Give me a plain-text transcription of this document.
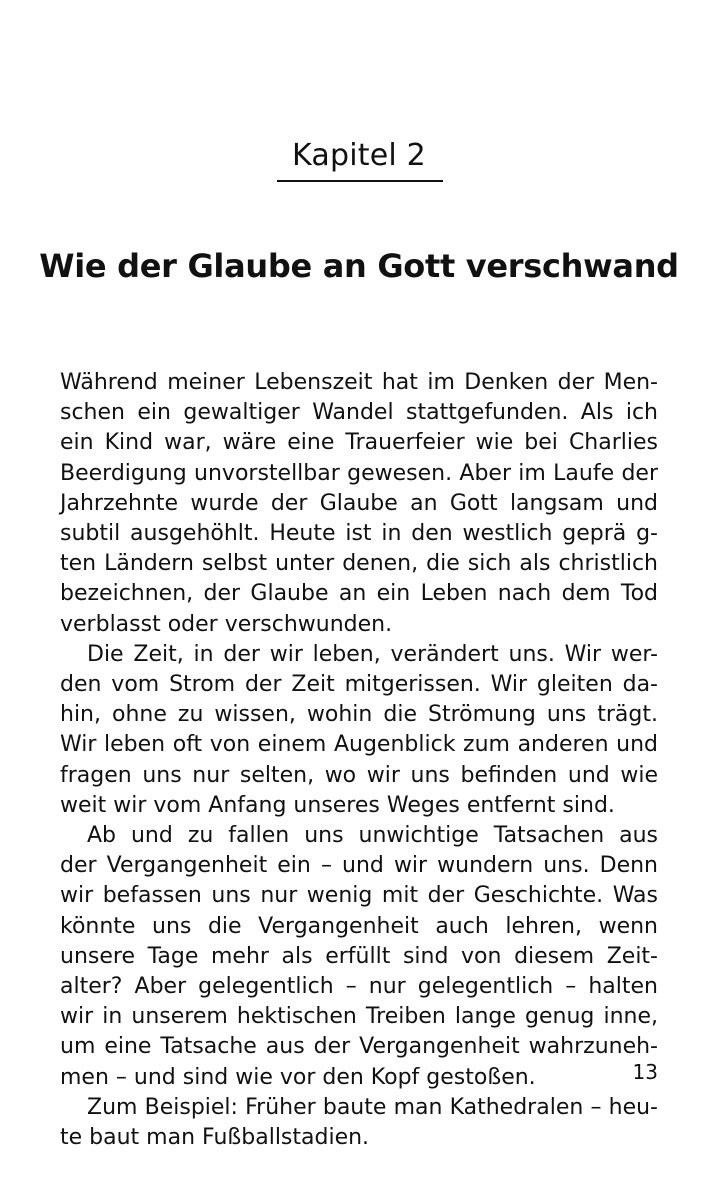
Kapitel 2
Wie der Glaube an Gott verschwand
Während meiner Lebenszeit hat im Denken der Men-
schen ein gewaltiger Wandel stattgefunden. Als ich
ein Kind war, wäre eine Trauerfeier wie bei Charlies
Beerdigung unvorstellbar gewesen. Aber im Laufe der
Jahrzehnte wurde der Glaube an Gott langsam und
subtil ausgehöhlt. Heute ist in den westlich geprä g-
ten Ländern selbst unter denen, die sich als christlich
bezeichnen, der Glaube an ein Leben nach dem Tod
verblasst oder verschwunden.
Die Zeit, in der wir leben, verändert uns. Wir wer-
den vom Strom der Zeit mitgerissen. Wir gleiten da-
hin, ohne zu wissen, wohin die Strömung uns trägt.
Wir leben oft von einem Augenblick zum anderen und
fragen uns nur selten, wo wir uns befinden und wie
weit wir vom Anfang unseres Weges entfernt sind.
Ab und zu fallen uns unwichtige Tatsachen aus
der Vergangenheit ein – und wir wundern uns. Denn
wir befassen uns nur wenig mit der Geschichte. Was
könnte uns die Vergangenheit auch lehren, wenn
unsere Tage mehr als erfüllt sind von diesem Zeit-
alter? Aber gelegentlich – nur gelegentlich – halten
wir in unserem hektischen Treiben lange genug inne,
um eine Tatsache aus der Vergangenheit wahrzuneh-
men – und sind wie vor den Kopf gestoßen.
Zum Beispiel: Früher baute man Kathedralen – heu-
te baut man Fußballstadien.
13
